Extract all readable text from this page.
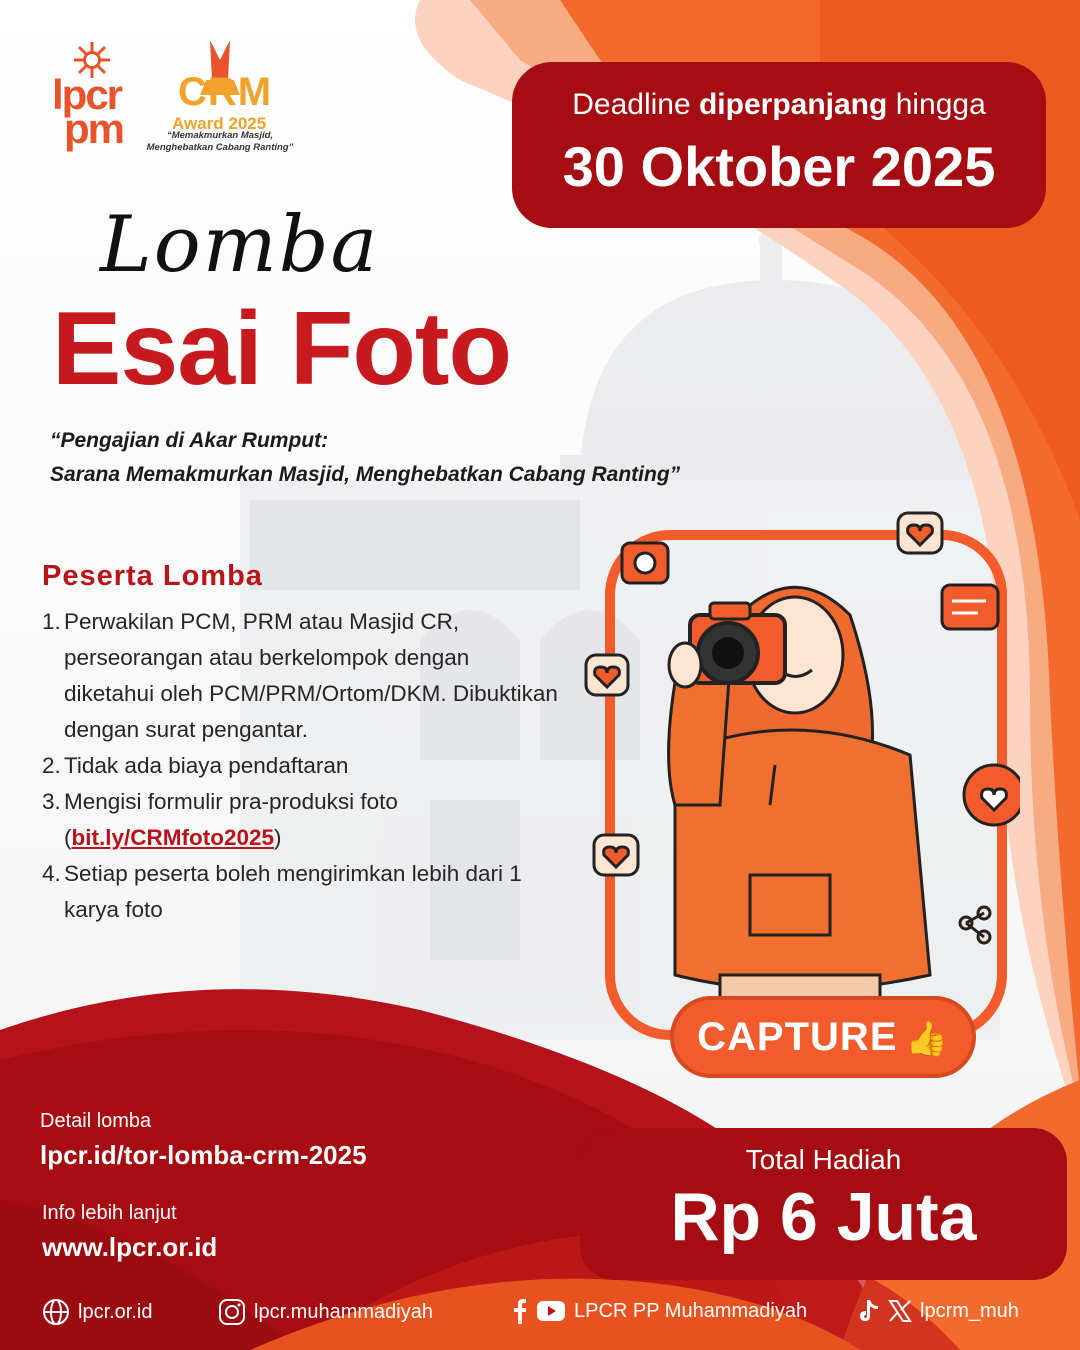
lpcr
pm
CRM
Award 2025
“Memakmurkan Masjid,
Menghebatkan Cabang Ranting”
Deadline diperpanjang hingga
30 Oktober 2025
Lomba
Esai Foto
“Pengajian di Akar Rumput:
Sarana Memakmurkan Masjid, Menghebatkan Cabang Ranting”
Peserta Lomba
1. Perwakilan PCM, PRM atau Masjid CR, perseorangan atau berkelompok dengan diketahui oleh PCM/PRM/Ortom/DKM. Dibuktikan dengan surat pengantar.
2. Tidak ada biaya pendaftaran
3. Mengisi formulir pra-produksi foto (bit.ly/CRMfoto2025)
4. Setiap peserta boleh mengirimkan lebih dari 1 karya foto
CAPTURE 👍
Detail lomba
lpcr.id/tor-lomba-crm-2025
Info lebih lanjut
www.lpcr.or.id
Total Hadiah
Rp 6 Juta
lpcr.or.id	lpcr.muhammadiyah	LPCR PP Muhammadiyah	lpcrm_muh
